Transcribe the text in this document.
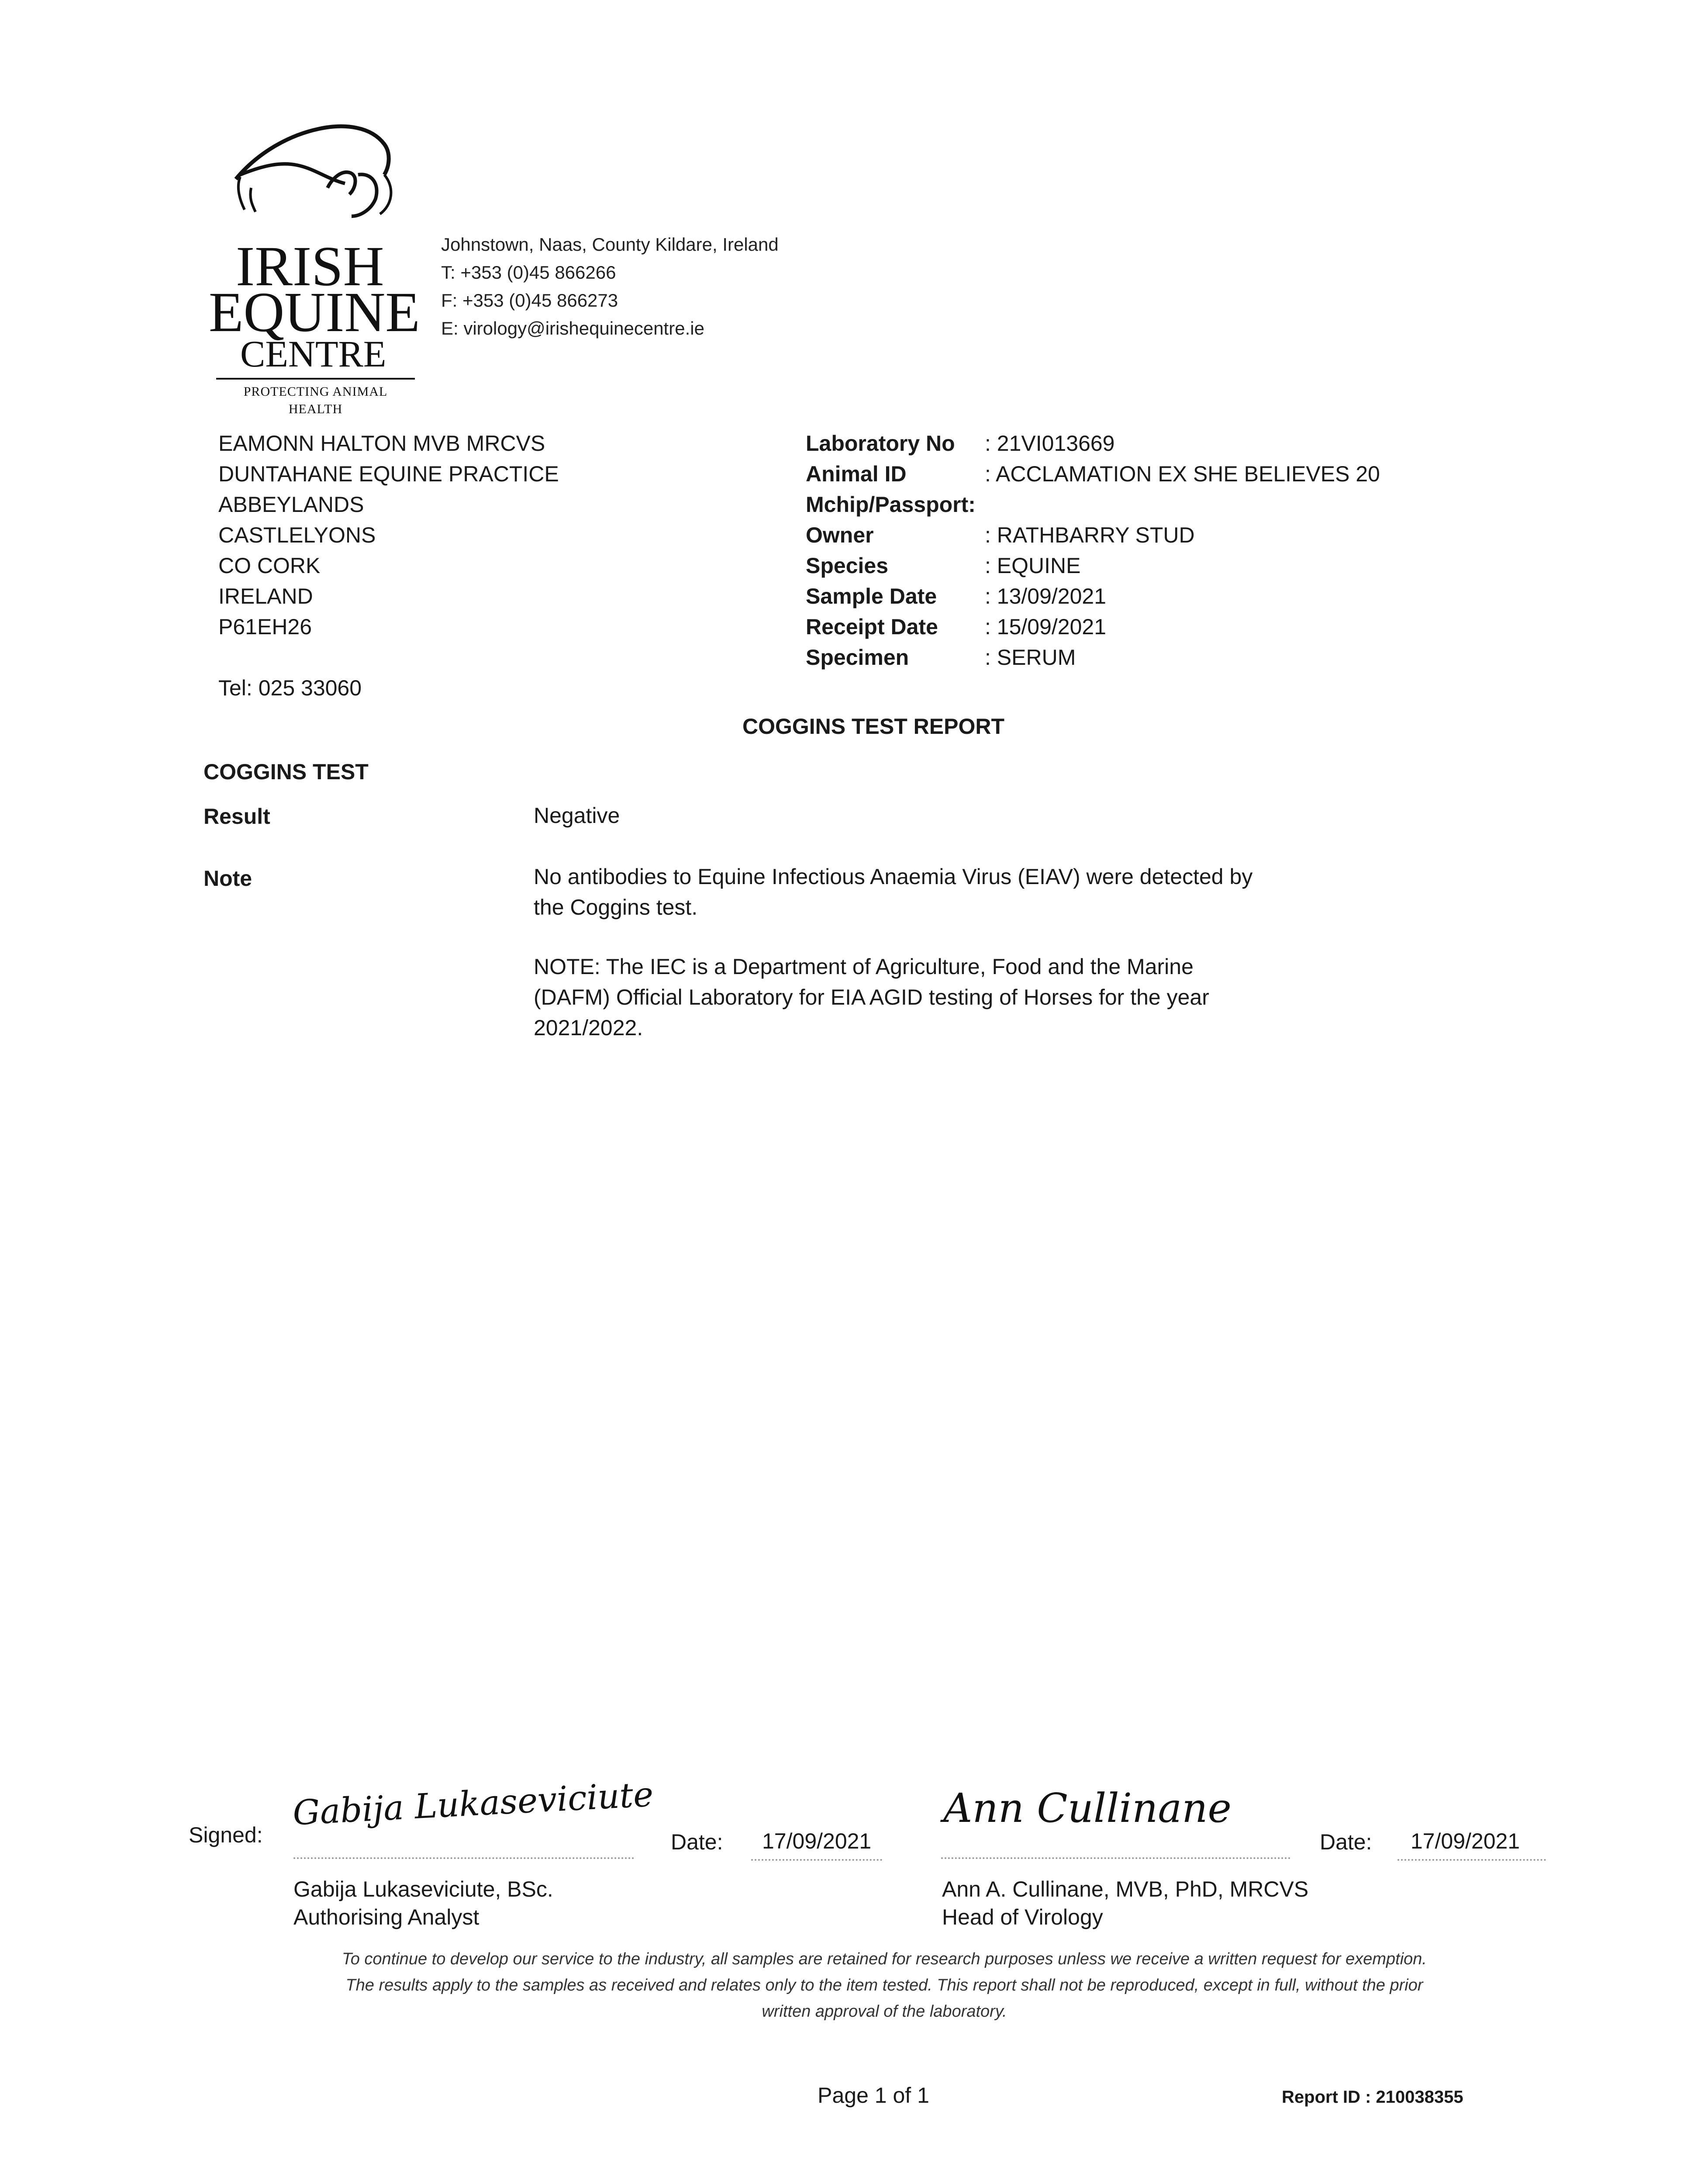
IRISH
EQUINE
CENTRE
PROTECTING ANIMAL HEALTH
Johnstown, Naas, County Kildare, Ireland
T: +353 (0)45 866266
F: +353 (0)45 866273
E: virology@irishequinecentre.ie
EAMONN HALTON MVB MRCVS
DUNTAHANE EQUINE PRACTICE
ABBEYLANDS
CASTLELYONS
CO CORK
IRELAND
P61EH26
Tel: 025 33060
Laboratory No	: 21VI013669
Animal ID	: ACCLAMATION EX SHE BELIEVES 20
Mchip/Passport:
Owner	: RATHBARRY STUD
Species	: EQUINE
Sample Date	: 13/09/2021
Receipt Date	: 15/09/2021
Specimen	: SERUM
COGGINS TEST REPORT
COGGINS TEST
Result	Negative
Note	No antibodies to Equine Infectious Anaemia Virus (EIAV) were detected by
the Coggins test.
NOTE: The IEC is a Department of Agriculture, Food and the Marine
(DAFM) Official Laboratory for EIA AGID testing of Horses for the year
2021/2022.
Signed:
Gabija Lukaseviciute
Date: 17/09/2021
Ann Cullinane
Date: 17/09/2021
Gabija Lukaseviciute, BSc.
Authorising Analyst
Ann A. Cullinane, MVB, PhD, MRCVS
Head of Virology
To continue to develop our service to the industry, all samples are retained for research purposes unless we receive a written request for exemption.
The results apply to the samples as received and relates only to the item tested. This report shall not be reproduced, except in full, without the prior
written approval of the laboratory.
Page 1 of 1	Report ID : 210038355
